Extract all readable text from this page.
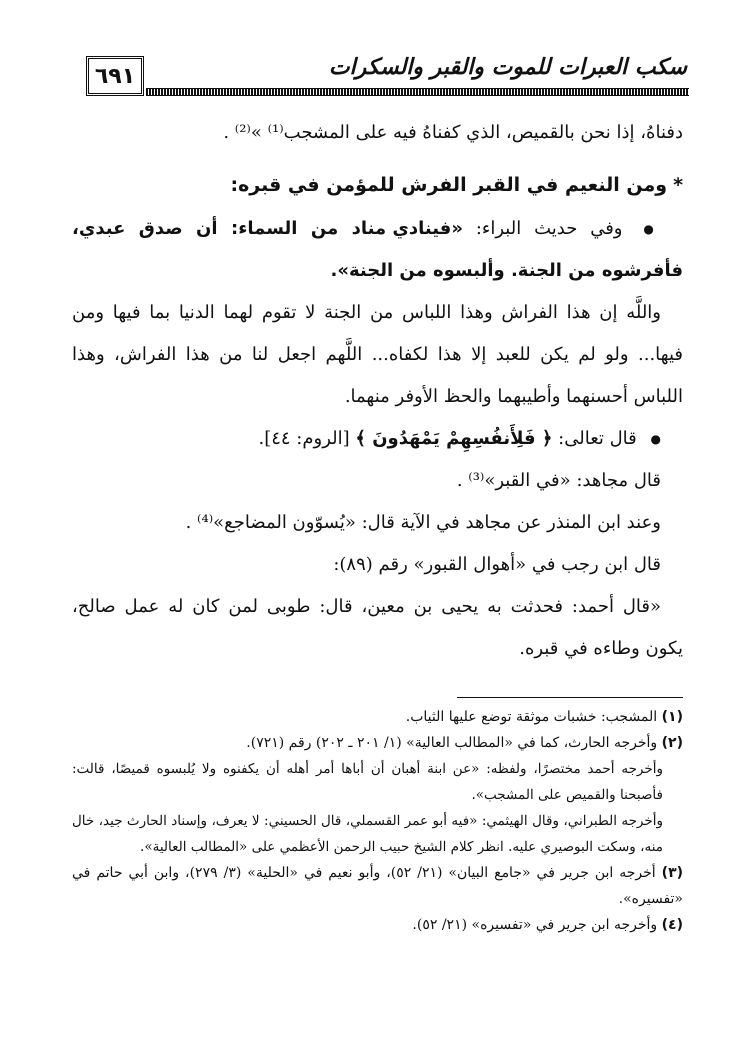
٦٩١	سكب العبرات للموت والقبر والسكرات

دفناهُ، إذا نحن بالقميص، الذي كفناهُ فيه على المشجب⁽¹⁾ »⁽²⁾ .

*ومن النعيم في القبر الفرش للمؤمن في قبره:

● وفي حديث البراء: «فينادي مناد من السماء: أن صدق عبدي، فأفرشوه من الجنة. وألبسوه من الجنة».

واللَّه إن هذا الفراش وهذا اللباس من الجنة لا تقوم لهما الدنيا بما فيها ومن فيها... ولو لم يكن للعبد إلا هذا لكفاه... اللَّهم اجعل لنا من هذا الفراش، وهذا اللباس أحسنهما وأطيبهما والحظ الأوفر منهما.

● قال تعالى: ﴿ فَلِأَنفُسِهِمْ يَمْهَدُونَ ﴾ [الروم: ٤٤].

قال مجاهد: «في القبر»⁽³⁾ .

وعند ابن المنذر عن مجاهد في الآية قال: «يُسوّون المضاجع»⁽⁴⁾ .

قال ابن رجب في «أهوال القبور» رقم (٨٩):

«قال أحمد: فحدثت به يحيى بن معين، قال: طوبى لمن كان له عمل صالح، يكون وطاءه في قبره.

(١) المشجب: خشبات موثقة توضع عليها الثياب.

(٢) وأخرجه الحارث، كما في «المطالب العالية» (١/ ٢٠١ ـ ٢٠٢) رقم (٧٢١).

وأخرجه أحمد مختصرًا، ولفظه: «عن ابنة أهبان أن أباها أمر أهله أن يكفنوه ولا يُلبسوه قميصًا، قالت: فأصبحنا والقميص على المشجب».

وأخرجه الطبراني، وقال الهيثمي: «فيه أبو عمر القسملي، قال الحسيني: لا يعرف، وإسناد الحارث جيد، خال منه، وسكت البوصيري عليه. انظر كلام الشيخ حبيب الرحمن الأعظمي على «المطالب العالية».

(٣) أخرجه ابن جرير في «جامع البيان» (٢١/ ٥٢)، وأبو نعيم في «الحلية» (٣/ ٢٧٩)، وابن أبي حاتم في «تفسيره».

(٤) وأخرجه ابن جرير في «تفسيره» (٢١/ ٥٢).
